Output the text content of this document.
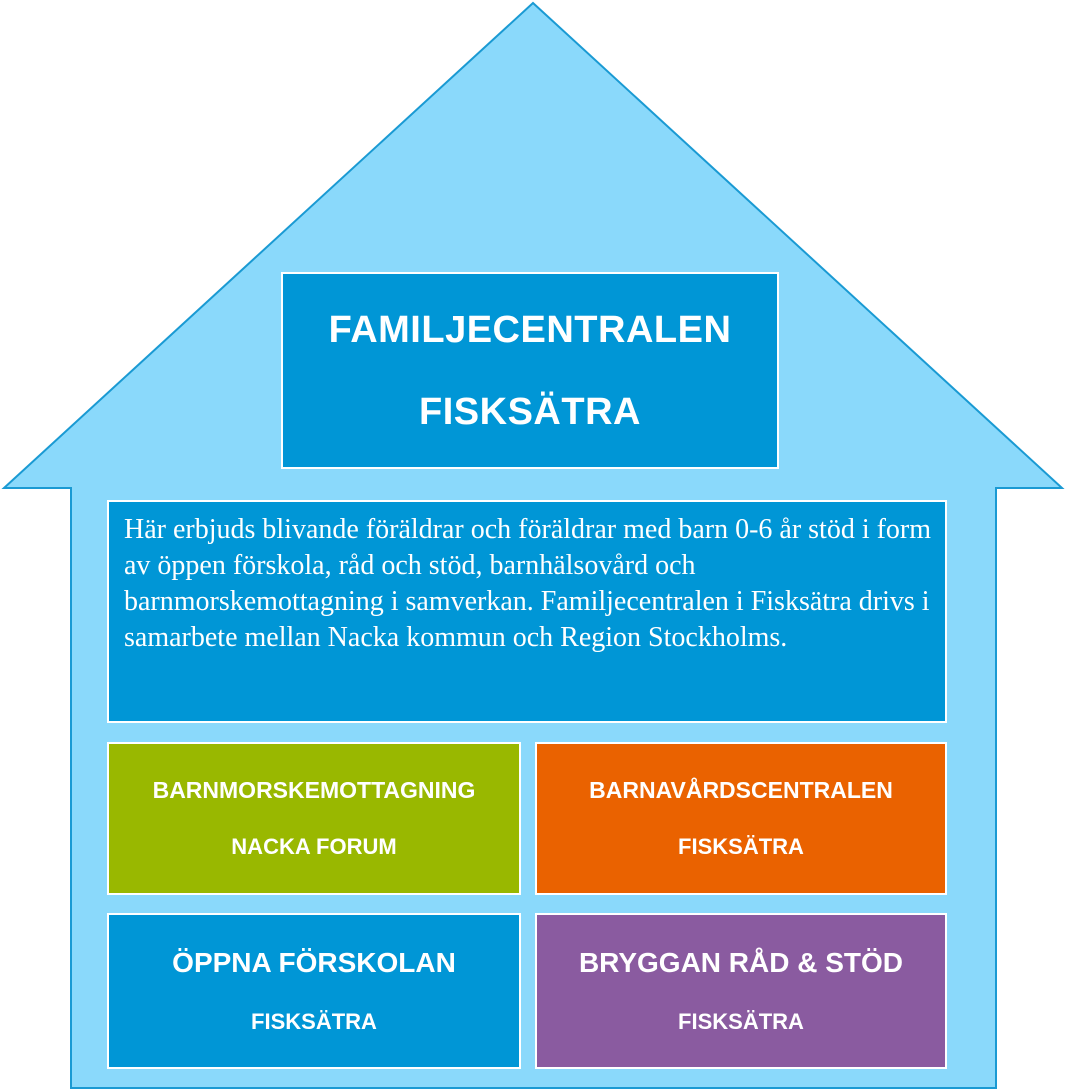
FAMILJECENTRALEN
FISKSÄTRA
Här erbjuds blivande föräldrar och föräldrar med barn 0-6 år stöd i form av öppen förskola, råd och stöd, barnhälsovård och barnmorskemottagning i samverkan. Familjecentralen i Fisksätra drivs i samarbete mellan Nacka kommun och Region Stockholms.
BARNMORSKEMOTTAGNING
NACKA FORUM
BARNAVÅRDSCENTRALEN
FISKSÄTRA
ÖPPNA FÖRSKOLAN
FISKSÄTRA
BRYGGAN RÅD & STÖD
FISKSÄTRA
